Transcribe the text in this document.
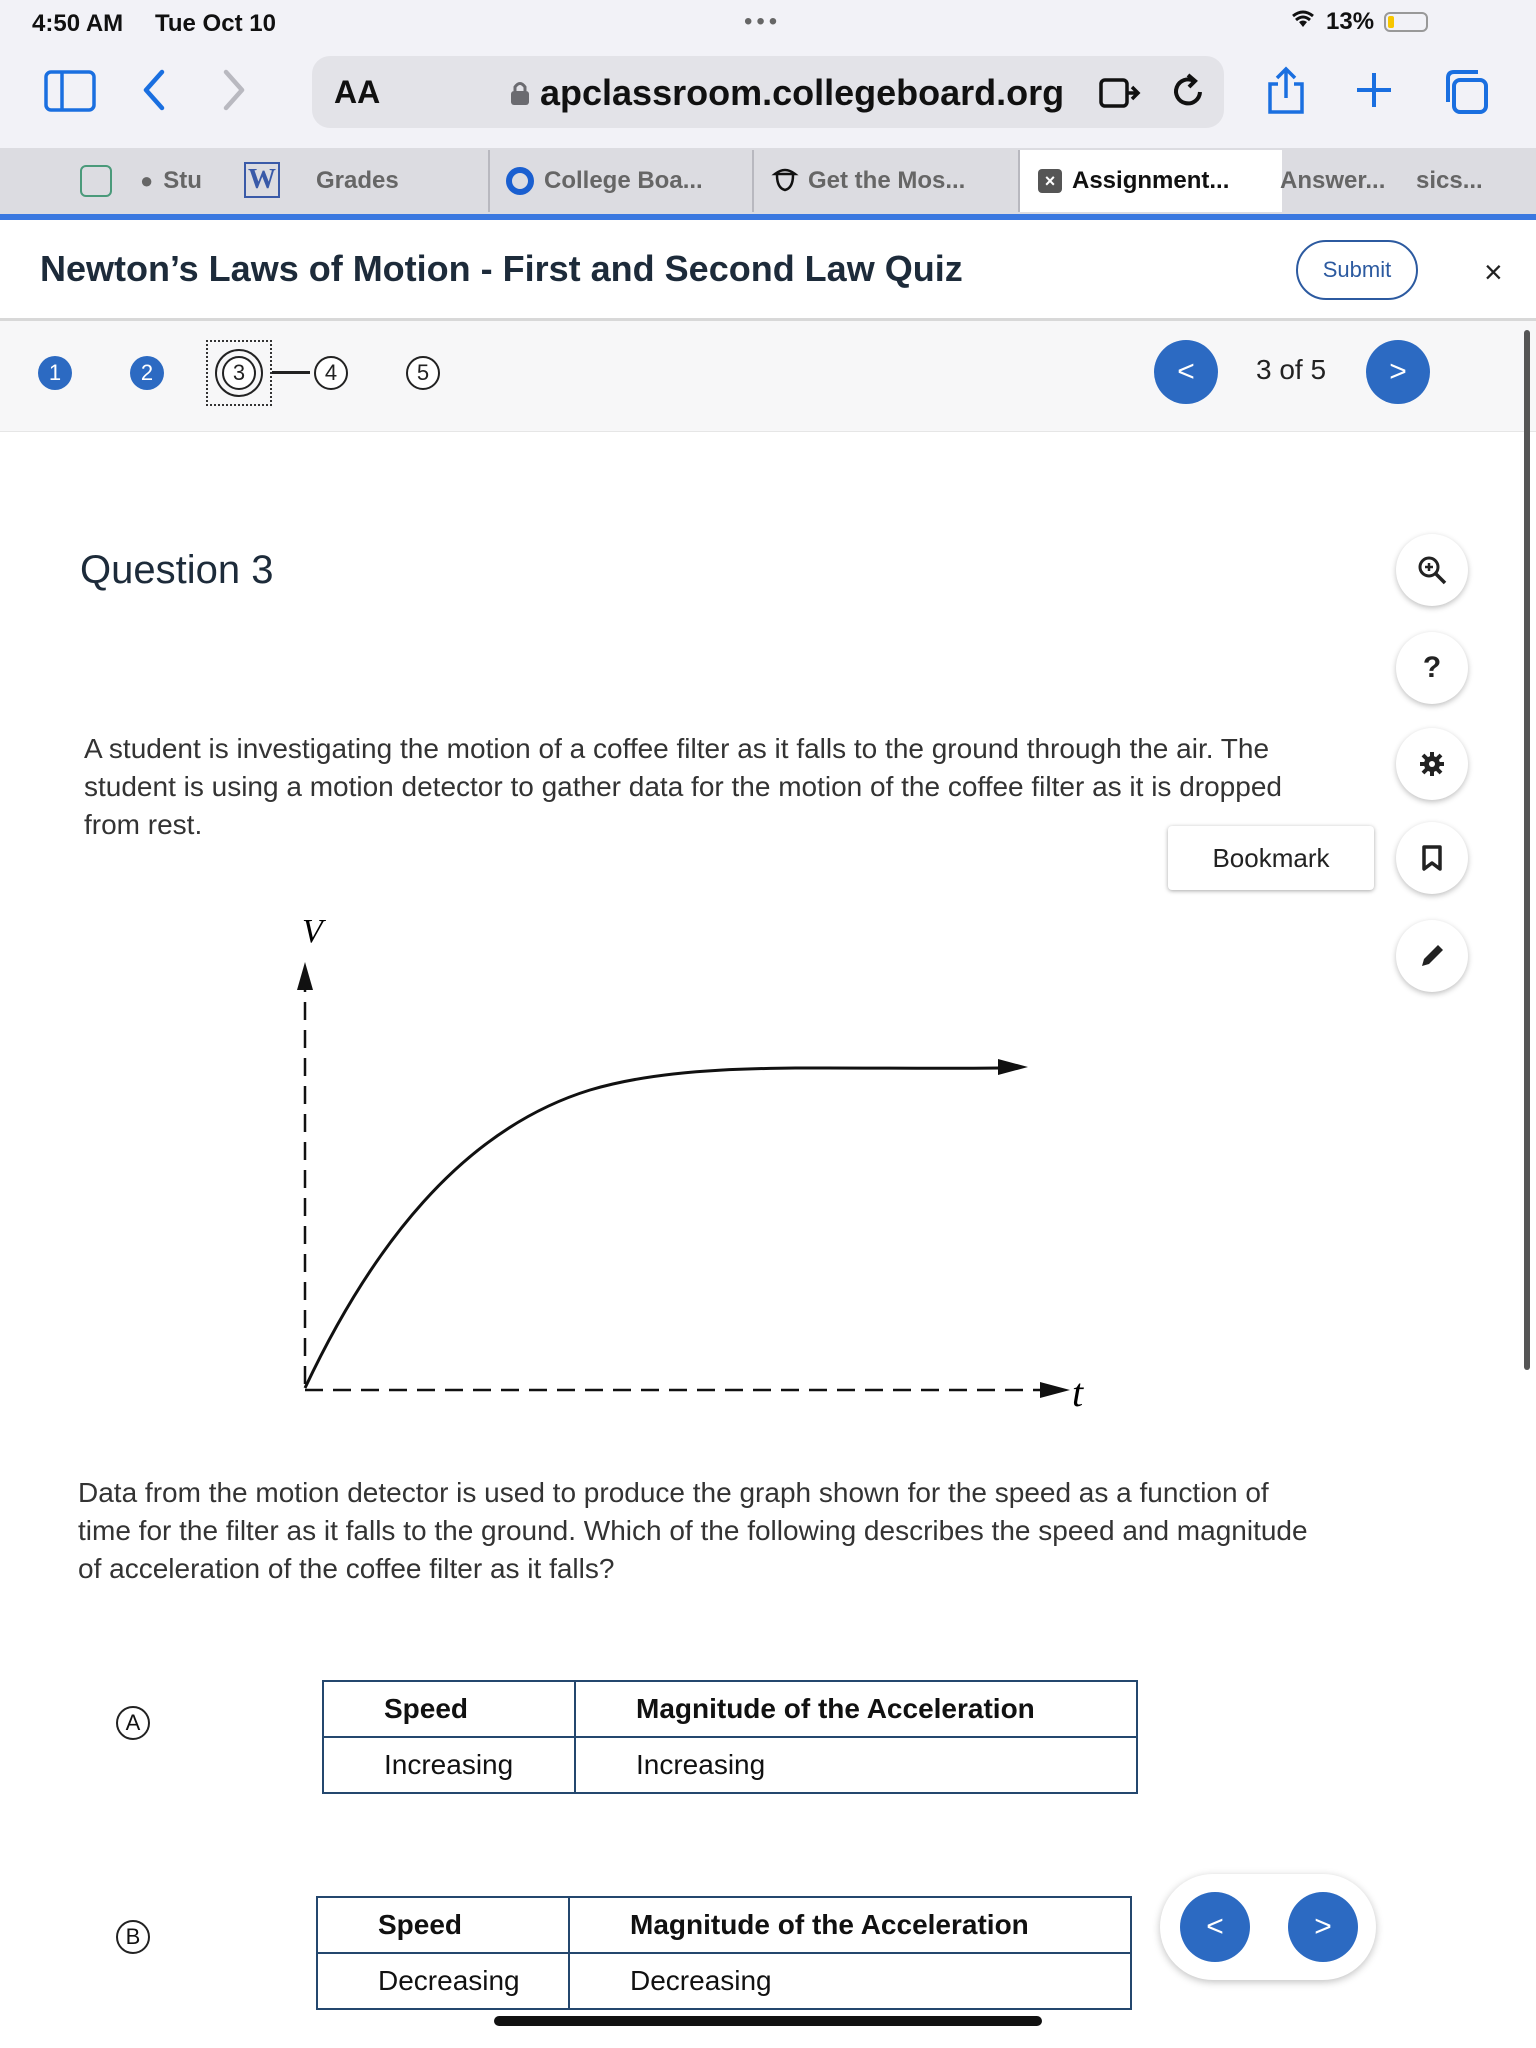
4:50 AM Tue Oct 10	•••	13%
AA	apclassroom.collegeboard.org
● Stu W Grades	College Boa...	Get the Mos...	× Assignment... Answer... sics...
Newton’s Laws of Motion - First and Second Law Quiz	Submit	×
1	2	3	4	5	<	3 of 5	>
?
Bookmark
Question 3
A student is investigating the motion of a coffee filter as it falls to the ground through the air. The student is using a motion detector to gather data for the motion of the coffee filter as it is dropped from rest.
V
t
Data from the motion detector is used to produce the graph shown for the speed as a function of time for the filter as it falls to the ground. Which of the following describes the speed and magnitude of acceleration of the coffee filter as it falls?
A	Speed	Magnitude of the Acceleration
Increasing	Increasing
B	Speed	Magnitude of the Acceleration
Decreasing	Decreasing
<	>
